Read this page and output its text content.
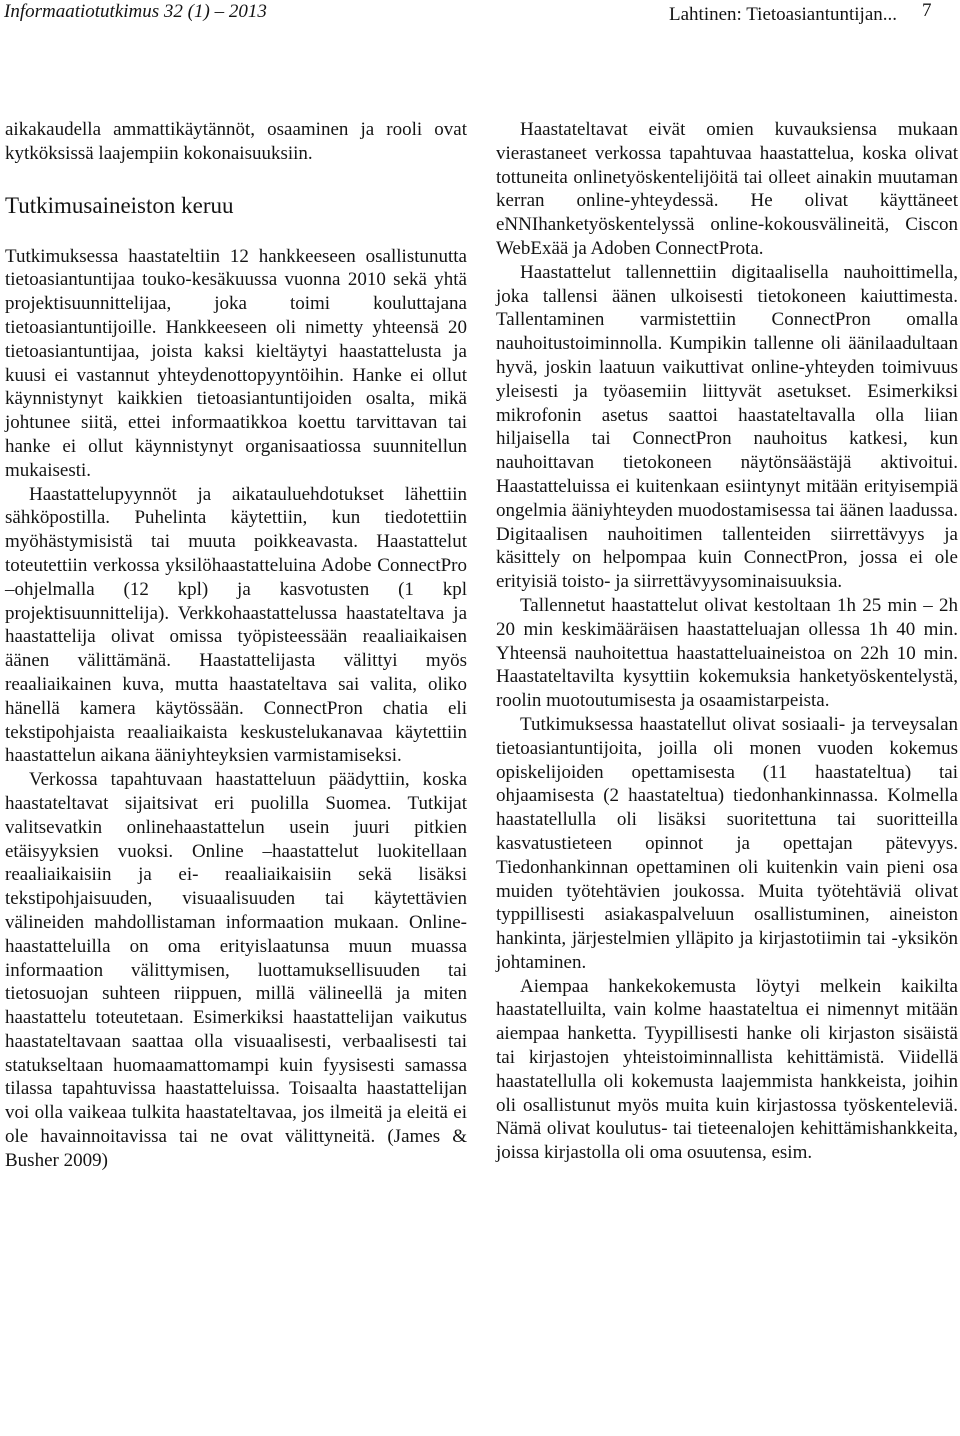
Informaatiotutkimus 32 (1) – 2013	Lahtinen: Tietoasiantuntijan... 7

aikakaudella ammattikäytännöt, osaaminen ja rooli ovat kytköksissä laajempiin kokonaisuuksiin.

Tutkimusaineiston keruu

Tutkimuksessa haastateltiin 12 hankkeeseen osallistunutta tietoasiantuntijaa touko-kesäkuussa vuonna 2010 sekä yhtä projektisuunnittelijaa, joka toimi kouluttajana tietoasiantuntijoille. Hankkeeseen oli nimetty yhteensä 20 tietoasiantuntijaa, joista kaksi kieltäytyi haastattelusta ja kuusi ei vastannut yhteydenottopyyntöihin. Hanke ei ollut käynnistynyt kaikkien tietoasiantuntijoiden osalta, mikä johtunee siitä, ettei informaatikkoa koettu tarvittavan tai hanke ei ollut käynnistynyt organisaatiossa suunnitellun mukaisesti.

Haastattelupyynnöt ja aikatauluehdotukset lähettiin sähköpostilla. Puhelinta käytettiin, kun tiedotettiin myöhästymisistä tai muuta poikkeavasta. Haastattelut toteutettiin verkossa yksilöhaastatteluina Adobe ConnectPro –ohjelmalla (12 kpl) ja kasvotusten (1 kpl projektisuunnittelija). Verkkohaastattelussa haastateltava ja haastattelija olivat omissa työpisteessään reaaliaikaisen äänen välittämänä. Haastattelijasta välittyi myös reaaliaikainen kuva, mutta haastateltava sai valita, oliko hänellä kamera käytössään. ConnectPron chatia eli tekstipohjaista reaaliaikaista keskustelukanavaa käytettiin haastattelun aikana ääniyhteyksien varmistamiseksi.

Verkossa tapahtuvaan haastatteluun päädyttiin, koska haastateltavat sijaitsivat eri puolilla Suomea. Tutkijat valitsevatkin onlinehaastattelun usein juuri pitkien etäisyyksien vuoksi. Online –haastattelut luokitellaan reaaliaikaisiin ja ei- reaaliaikaisiin sekä lisäksi tekstipohjaisuuden, visuaalisuuden tai käytettävien välineiden mahdollistaman informaation mukaan. Online-haastatteluilla on oma erityislaatunsa muun muassa informaation välittymisen, luottamuksellisuuden tai tietosuojan suhteen riippuen, millä välineellä ja miten haastattelu toteutetaan. Esimerkiksi haastattelijan vaikutus haastateltavaan saattaa olla visuaalisesti, verbaalisesti tai statukseltaan huomaamattomampi kuin fyysisesti samassa tilassa tapahtuvissa haastatteluissa. Toisaalta haastattelijan voi olla vaikeaa tulkita haastateltavaa, jos ilmeitä ja eleitä ei ole havainnoitavissa tai ne ovat välittyneitä. (James & Busher 2009)

Haastateltavat eivät omien kuvauksiensa mukaan vierastaneet verkossa tapahtuvaa haastattelua, koska olivat tottuneita onlinetyöskentelijöitä tai olleet ainakin muutaman kerran online-yhteydessä. He olivat käyttäneet eNNIhanketyöskentelyssä online-kokousvälineitä, Ciscon WebExää ja Adoben ConnectProta.

Haastattelut tallennettiin digitaalisella nauhoittimella, joka tallensi äänen ulkoisesti tietokoneen kaiuttimesta. Tallentaminen varmistettiin ConnectPron omalla nauhoitustoiminnolla. Kumpikin tallenne oli äänilaadultaan hyvä, joskin laatuun vaikuttivat online-yhteyden toimivuus yleisesti ja työasemiin liittyvät asetukset. Esimerkiksi mikrofonin asetus saattoi haastateltavalla olla liian hiljaisella tai ConnectPron nauhoitus katkesi, kun nauhoittavan tietokoneen näytönsäästäjä aktivoitui. Haastatteluissa ei kuitenkaan esiintynyt mitään erityisempiä ongelmia ääniyhteyden muodostamisessa tai äänen laadussa. Digitaalisen nauhoitimen tallenteiden siirrettävyys ja käsittely on helpompaa kuin ConnectPron, jossa ei ole erityisiä toisto- ja siirrettävyysominaisuuksia.

Tallennetut haastattelut olivat kestoltaan 1h 25 min – 2h 20 min keskimääräisen haastatteluajan ollessa 1h 40 min. Yhteensä nauhoitettua haastatteluaineistoa on 22h 10 min. Haastateltavilta kysyttiin kokemuksia hanketyöskentelystä, roolin muotoutumisesta ja osaamistarpeista.

Tutkimuksessa haastatellut olivat sosiaali- ja terveysalan tietoasiantuntijoita, joilla oli monen vuoden kokemus opiskelijoiden opettamisesta (11 haastateltua) tai ohjaamisesta (2 haastateltua) tiedonhankinnassa. Kolmella haastatellulla oli lisäksi suoritettuna tai suoritteilla kasvatustieteen opinnot ja opettajan pätevyys. Tiedonhankinnan opettaminen oli kuitenkin vain pieni osa muiden työtehtävien joukossa. Muita työtehtäviä olivat typpillisesti asiakaspalveluun osallistuminen, aineiston hankinta, järjestelmien ylläpito ja kirjastotiimin tai -yksikön johtaminen.

Aiempaa hankekokemusta löytyi melkein kaikilta haastatelluilta, vain kolme haastateltua ei nimennyt mitään aiempaa hanketta. Tyypillisesti hanke oli kirjaston sisäistä tai kirjastojen yhteistoiminnallista kehittämistä. Viidellä haastatellulla oli kokemusta laajemmista hankkeista, joihin oli osallistunut myös muita kuin kirjastossa työskenteleviä. Nämä olivat koulutus- tai tieteenalojen kehittämishankkeita, joissa kirjastolla oli oma osuutensa, esim.
